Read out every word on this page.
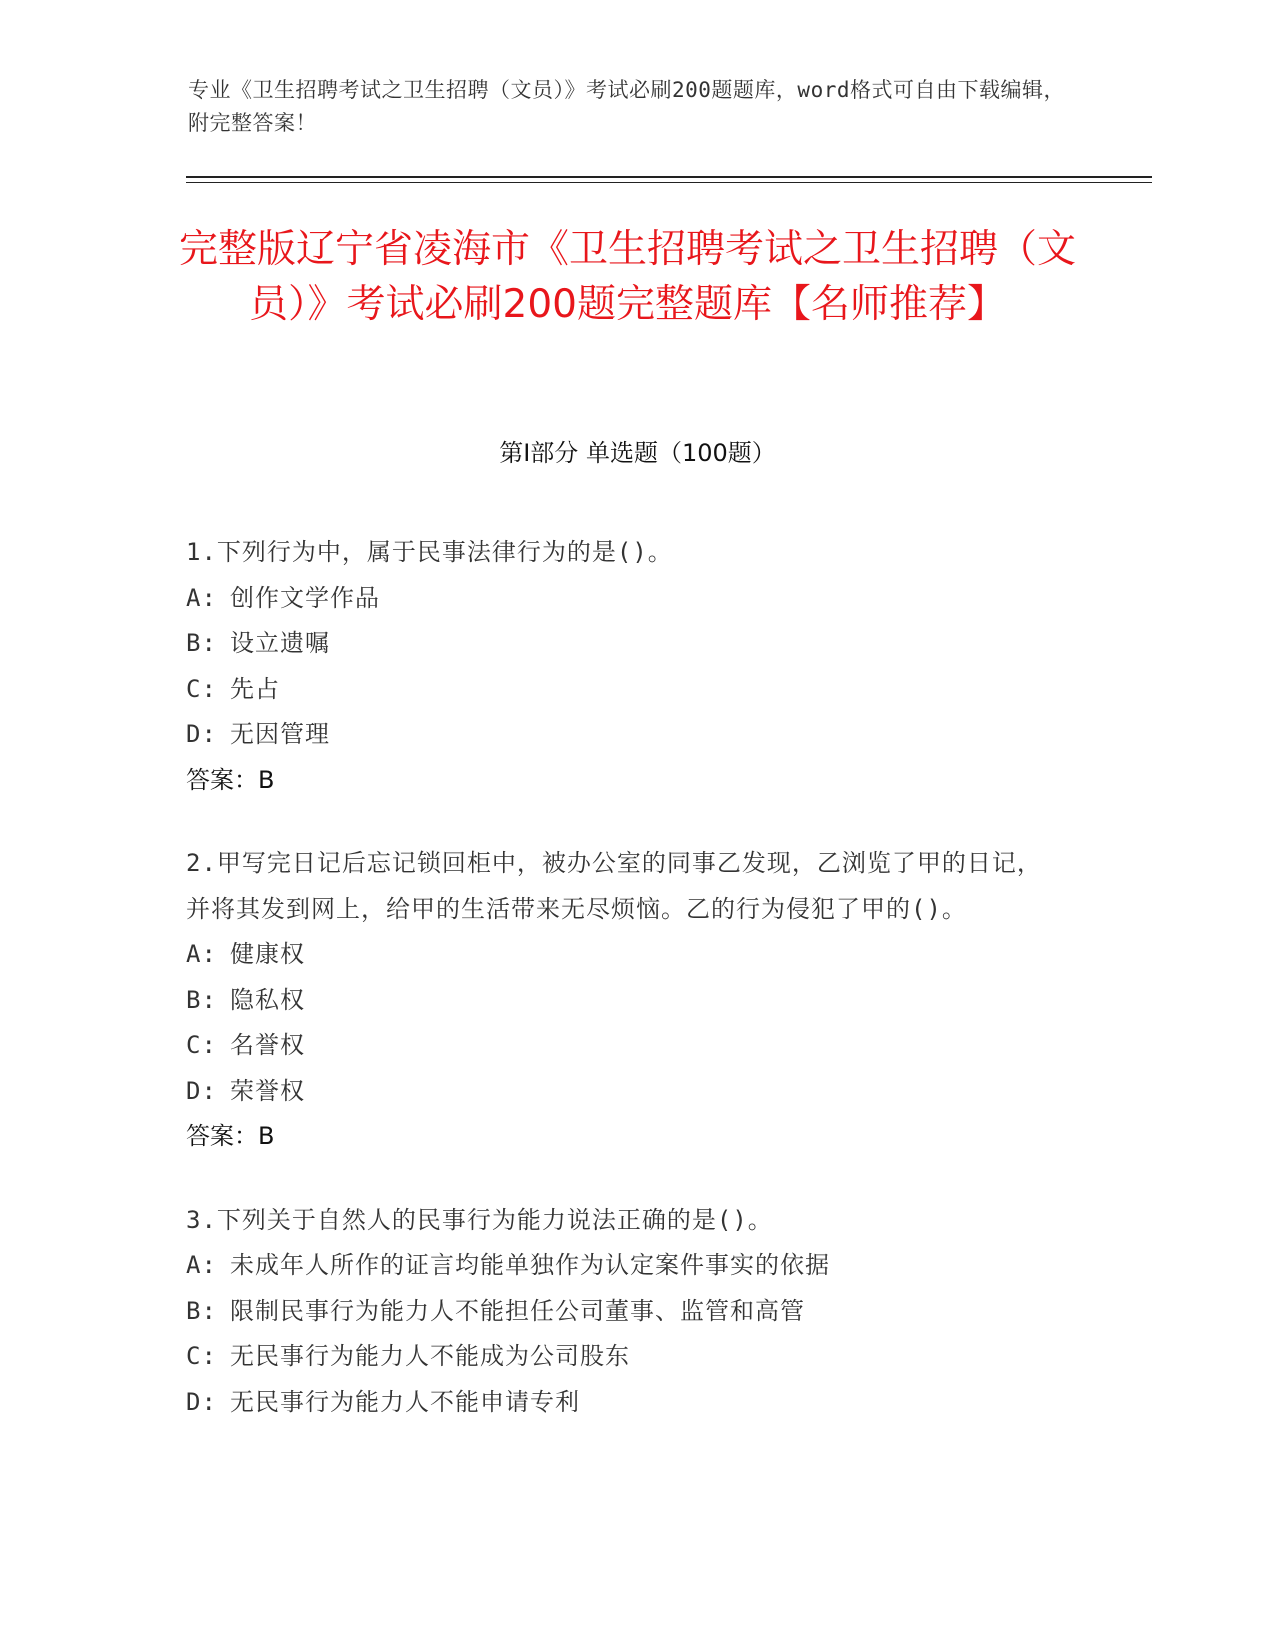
专业《卫生招聘考试之卫生招聘（文员）》考试必刷200题题库，word格式可自由下载编辑，附完整答案！
完整版辽宁省凌海市《卫生招聘考试之卫生招聘（文员）》考试必刷200题完整题库【名师推荐】
第Ⅰ部分 单选题（100题）
1.下列行为中，属于民事法律行为的是()。
A: 创作文学作品
B: 设立遗嘱
C: 先占
D: 无因管理
答案：B
2.甲写完日记后忘记锁回柜中，被办公室的同事乙发现，乙浏览了甲的日记，并将其发到网上，给甲的生活带来无尽烦恼。乙的行为侵犯了甲的()。
A: 健康权
B: 隐私权
C: 名誉权
D: 荣誉权
答案：B
3.下列关于自然人的民事行为能力说法正确的是()。
A: 未成年人所作的证言均能单独作为认定案件事实的依据
B: 限制民事行为能力人不能担任公司董事、监管和高管
C: 无民事行为能力人不能成为公司股东
D: 无民事行为能力人不能申请专利
